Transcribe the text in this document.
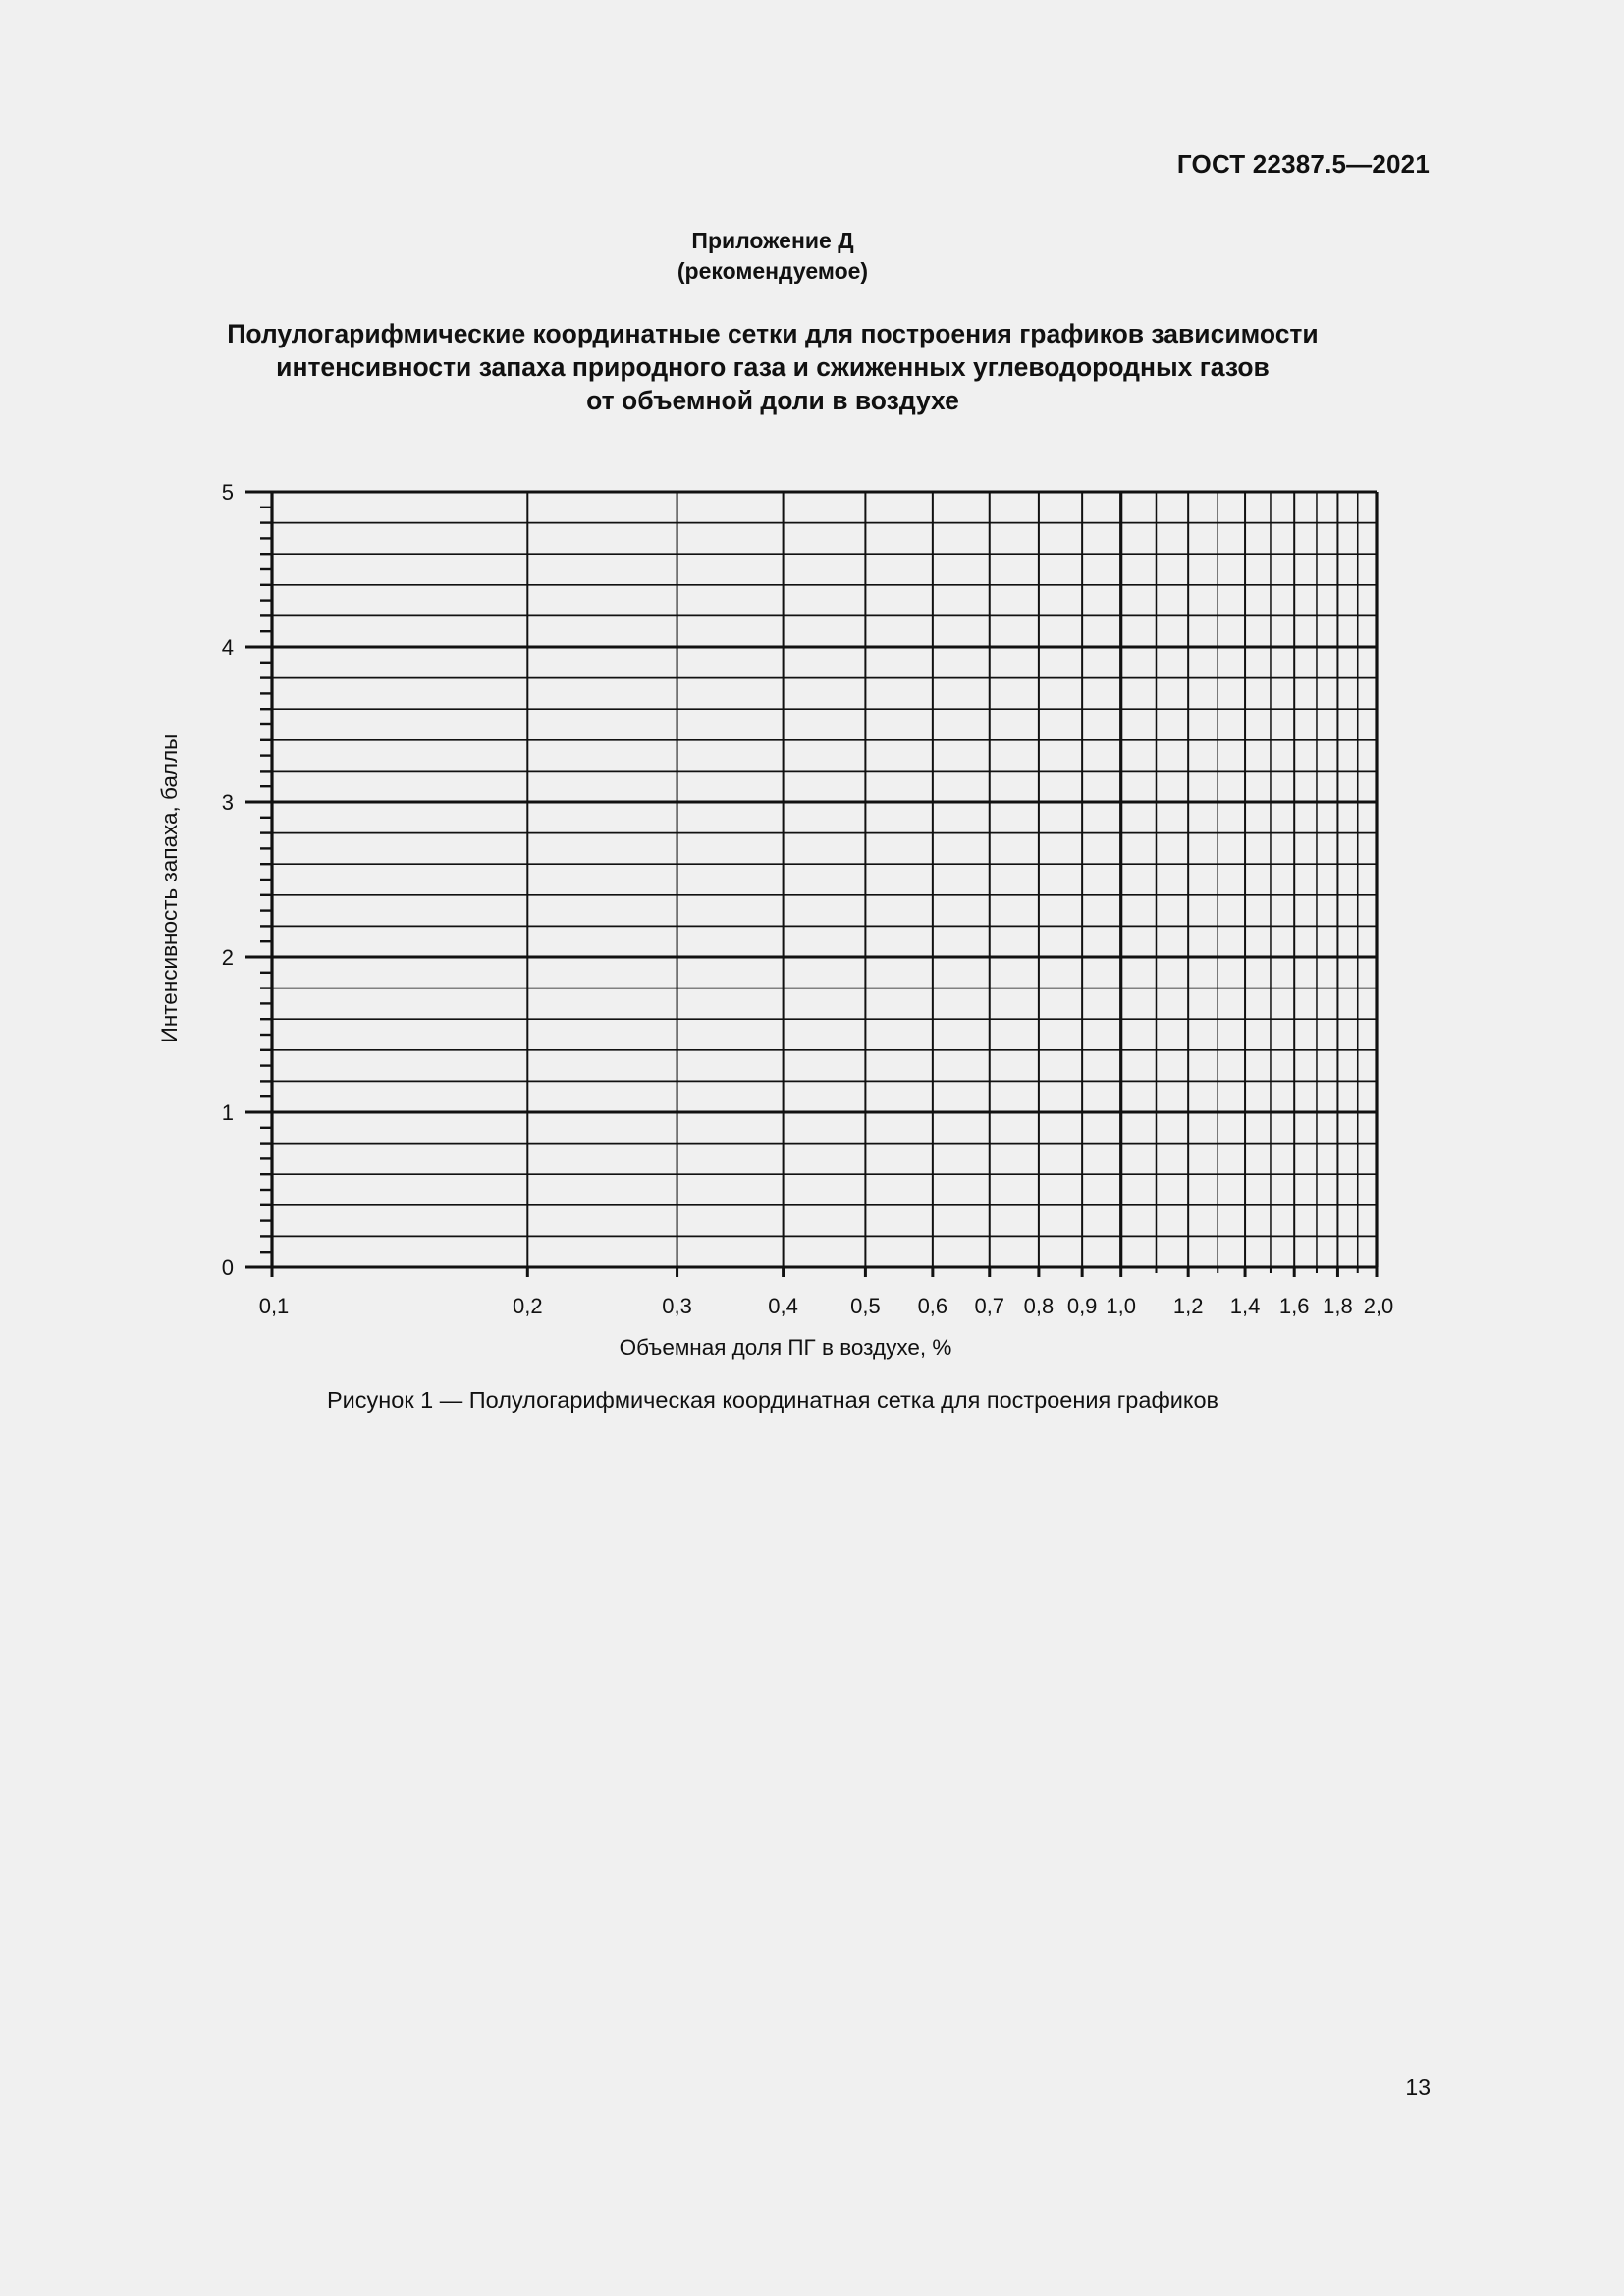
ГОСТ 22387.5—2021
Приложение Д
(рекомендуемое)
Полулогарифмические координатные сетки для построения графиков зависимости
интенсивности запаха природного газа и сжиженных углеводородных газов
от объемной доли в воздухе
0,1	0,2	0,3	0,4 0,5 0,6 0,7 0,8 0,9 1,0 1,2 1,4 1,6 1,8 2,0
0
1
2
3
4
5
Объемная доля ПГ в воздухе, %
Интенсивность запаха, баллы
Рисунок 1 — Полулогарифмическая координатная сетка для построения графиков
13
